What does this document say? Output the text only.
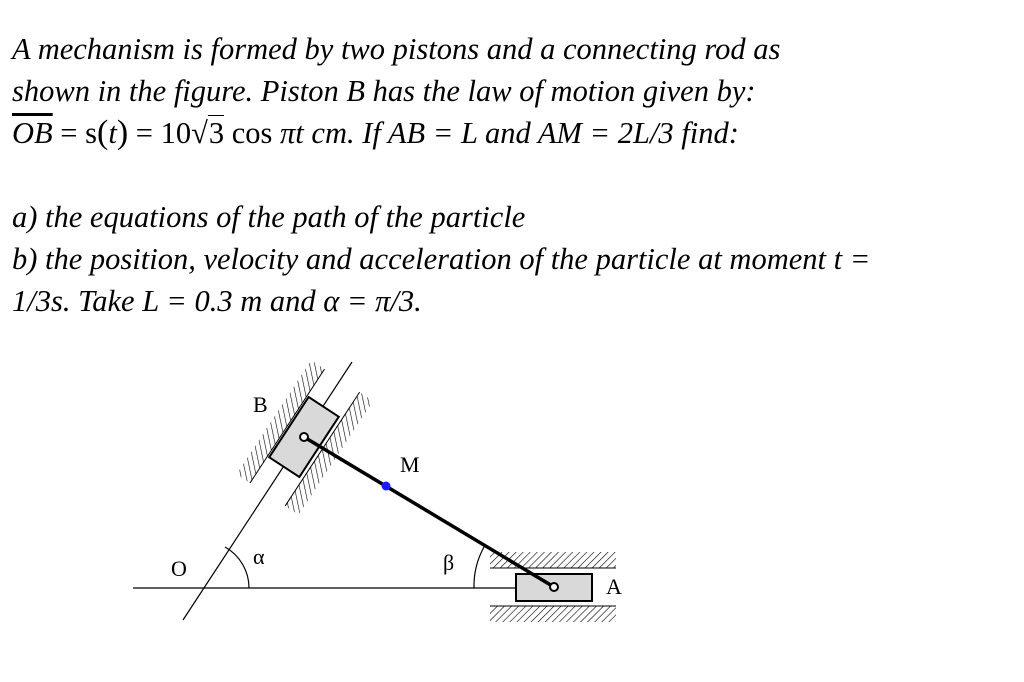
A mechanism is formed by two pistons and a connecting rod as
shown in the figure. Piston B has the law of motion given by:
$\overline{OB} = s(t) = 10√3$ cos πt cm. If AB = L and AM = 2L/3 find:
a) the equations of the path of the particle
b) the position, velocity and acceleration of the particle at moment t =
1/3s. Take L = 0.3 m and α = π/3.
B
M
O	α	β
A
